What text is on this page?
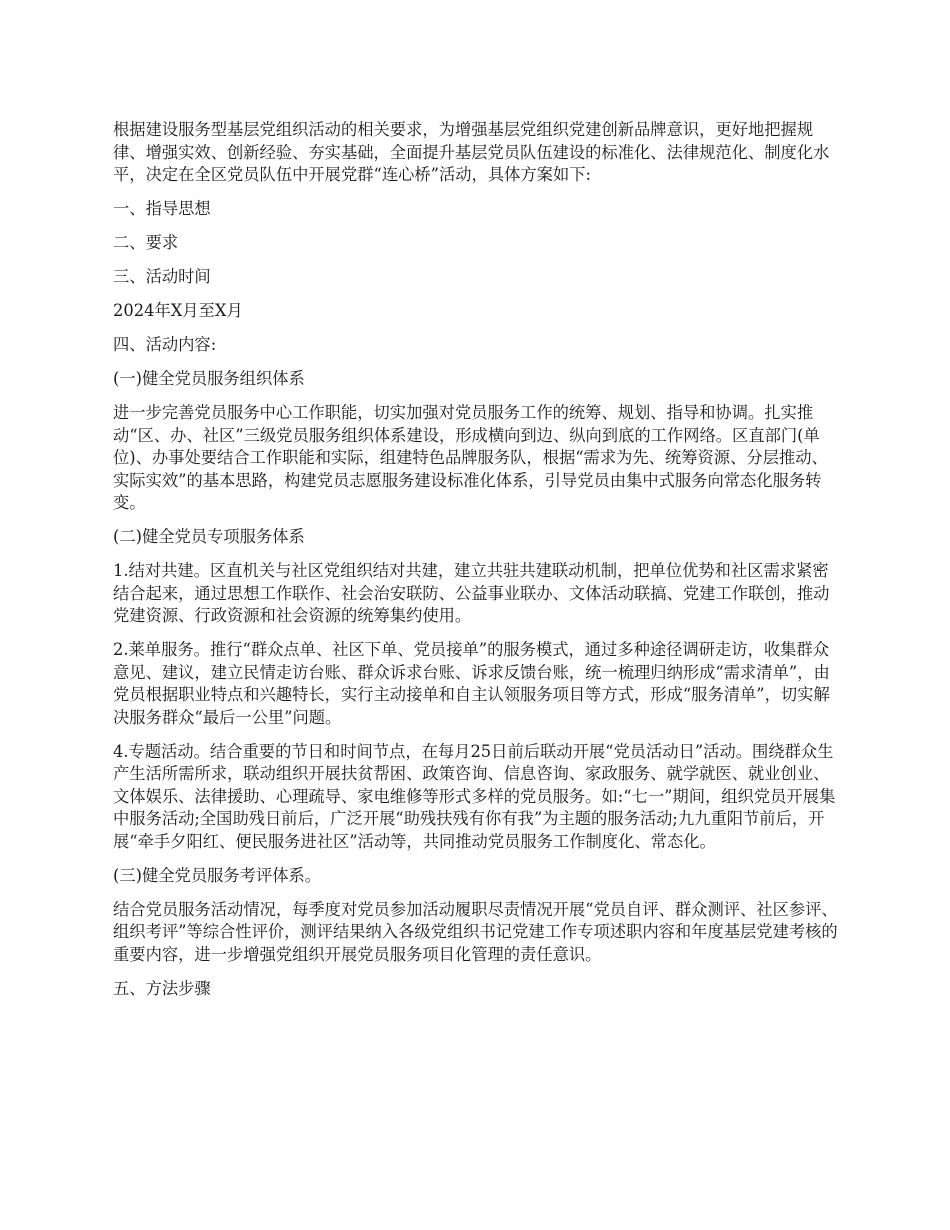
根据建设服务型基层党组织活动的相关要求，为增强基层党组织党建创新品牌意识，更好地把握规律、增强实效、创新经验、夯实基础，全面提升基层党员队伍建设的标准化、法律规范化、制度化水平，决定在全区党员队伍中开展党群“连心桥”活动，具体方案如下:

一、指导思想

二、要求

三、活动时间

2024年X月至X月

四、活动内容:

(一)健全党员服务组织体系

进一步完善党员服务中心工作职能，切实加强对党员服务工作的统筹、规划、指导和协调。扎实推动“区、办、社区”三级党员服务组织体系建设，形成横向到边、纵向到底的工作网络。区直部门(单位)、办事处要结合工作职能和实际，组建特色品牌服务队，根据“需求为先、统筹资源、分层推动、实际实效”的基本思路，构建党员志愿服务建设标准化体系，引导党员由集中式服务向常态化服务转变。

(二)健全党员专项服务体系

1.结对共建。区直机关与社区党组织结对共建，建立共驻共建联动机制，把单位优势和社区需求紧密结合起来，通过思想工作联作、社会治安联防、公益事业联办、文体活动联搞、党建工作联创，推动党建资源、行政资源和社会资源的统筹集约使用。

2.莱单服务。推行“群众点单、社区下单、党员接单”的服务模式，通过多种途径调研走访，收集群众意见、建议，建立民情走访台账、群众诉求台账、诉求反馈台账，统一梳理归纳形成“需求清单”，由党员根据职业特点和兴趣特长，实行主动接单和自主认领服务项目等方式，形成“服务清单”，切实解决服务群众“最后一公里”问题。

4.专题活动。结合重要的节日和时间节点，在每月25日前后联动开展“党员活动日”活动。围绕群众生产生活所需所求，联动组织开展扶贫帮困、政策咨询、信息咨询、家政服务、就学就医、就业创业、文体娱乐、法律援助、心理疏导、家电维修等形式多样的党员服务。如:“七一”期间，组织党员开展集中服务活动;全国助残日前后，广泛开展“助残扶残有你有我”为主题的服务活动;九九重阳节前后，开展“牵手夕阳红、便民服务进社区”活动等，共同推动党员服务工作制度化、常态化。

(三)健全党员服务考评体系。

结合党员服务活动情况，每季度对党员参加活动履职尽责情况开展“党员自评、群众测评、社区参评、组织考评”等综合性评价，测评结果纳入各级党组织书记党建工作专项述职内容和年度基层党建考核的重要内容，进一步增强党组织开展党员服务项目化管理的责任意识。

五、方法步骤
